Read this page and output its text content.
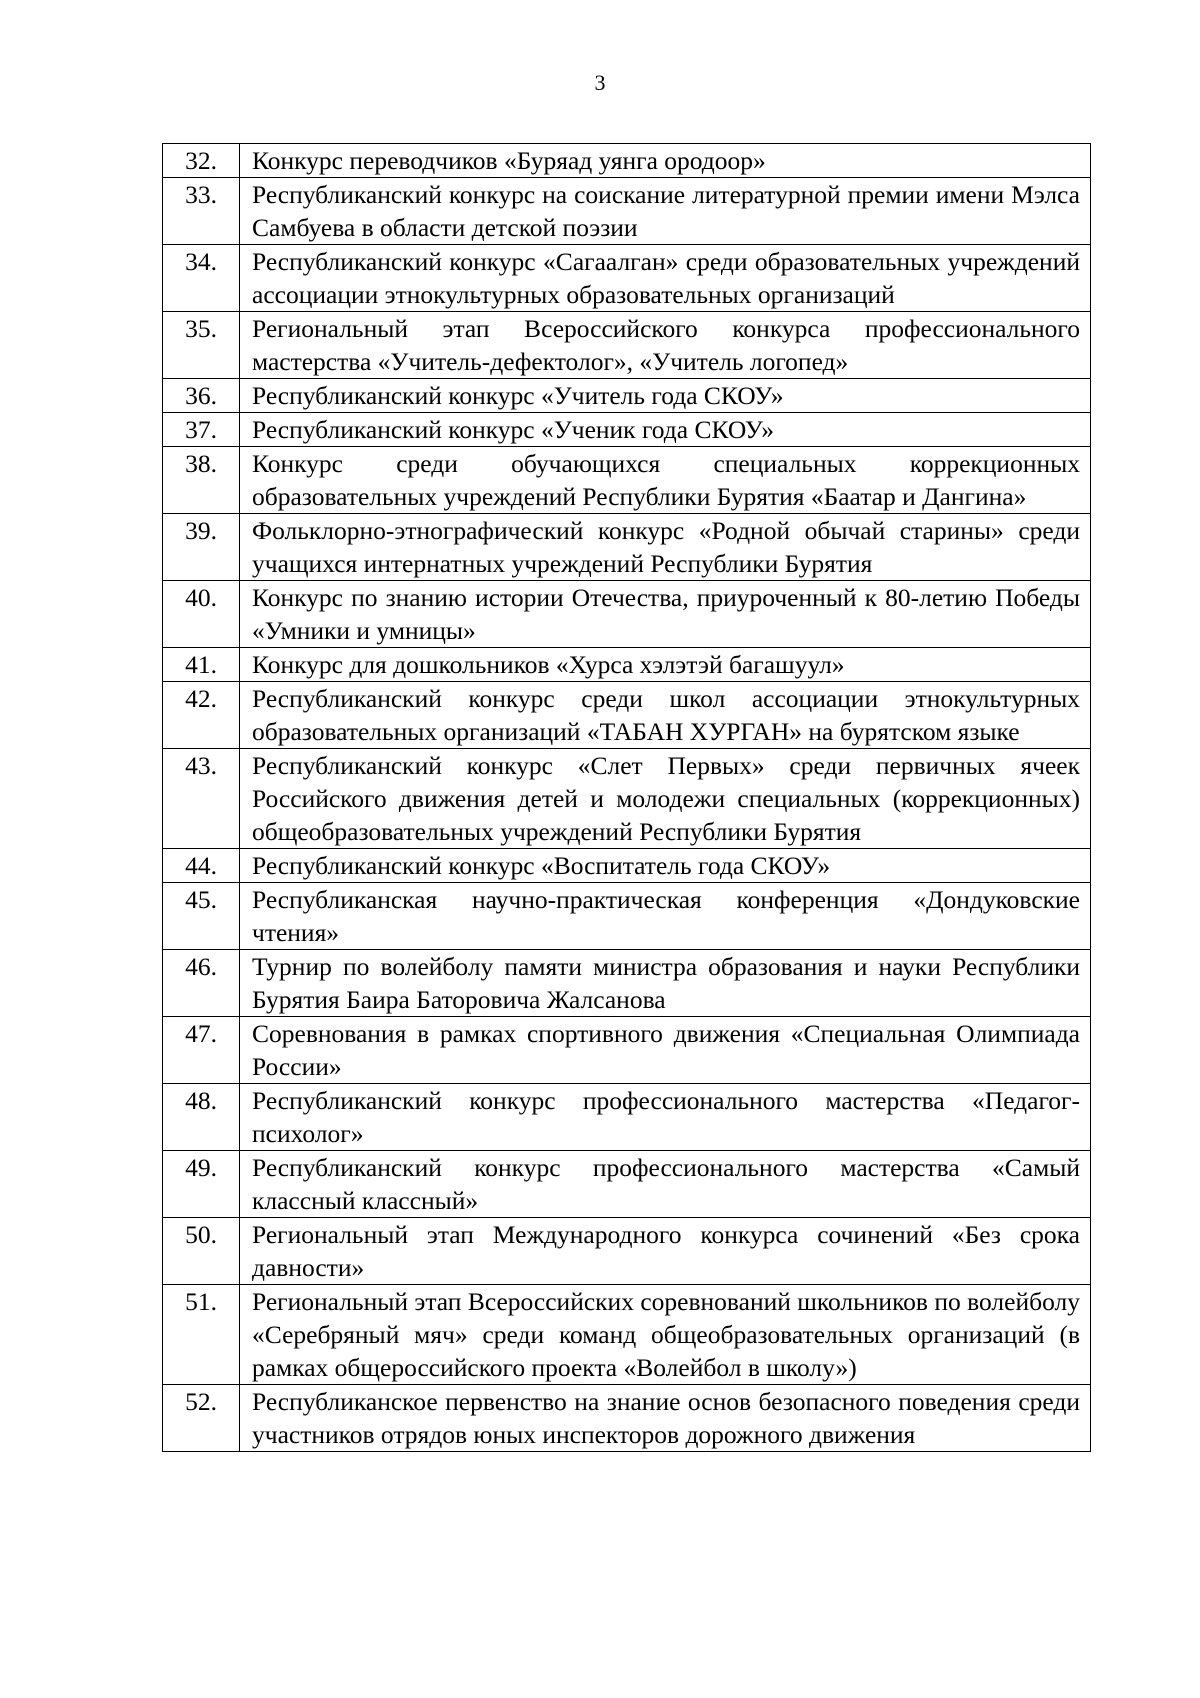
3
32.	Конкурс переводчиков «Буряад уянга ородоор»
33.	Республиканский конкурс на соискание литературной премии имени Мэлса Самбуева в области детской поэзии
34.	Республиканский конкурс «Сагаалган» среди образовательных учреждений ассоциации этнокультурных образовательных организаций
35.	Региональный этап Всероссийского конкурса профессионального мастерства «Учитель-дефектолог», «Учитель логопед»
36.	Республиканский конкурс «Учитель года СКОУ»
37.	Республиканский конкурс «Ученик года СКОУ»
38.	Конкурс среди обучающихся специальных коррекционных образовательных учреждений Республики Бурятия «Баатар и Дангина»
39.	Фольклорно-этнографический конкурс «Родной обычай старины» среди учащихся интернатных учреждений Республики Бурятия
40.	Конкурс по знанию истории Отечества, приуроченный к 80-летию Победы «Умники и умницы»
41.	Конкурс для дошкольников «Хурса хэлэтэй багашуул»
42.	Республиканский конкурс среди школ ассоциации этнокультурных образовательных организаций «ТАБАН ХУРГАН» на бурятском языке
43.	Республиканский конкурс «Слет Первых» среди первичных ячеек Российского движения детей и молодежи специальных (коррекционных) общеобразовательных учреждений Республики Бурятия
44.	Республиканский конкурс «Воспитатель года СКОУ»
45.	Республиканская научно-практическая конференция «Дондуковские чтения»
46.	Турнир по волейболу памяти министра образования и науки Республики Бурятия Баира Баторовича Жалсанова
47.	Соревнования в рамках спортивного движения «Специальная Олимпиада России»
48.	Республиканский конкурс профессионального мастерства «Педагог-психолог»
49.	Республиканский конкурс профессионального мастерства «Самый классный классный»
50.	Региональный этап Международного конкурса сочинений «Без срока давности»
51.	Региональный этап Всероссийских соревнований школьников по волейболу «Серебряный мяч» среди команд общеобразовательных организаций (в рамках общероссийского проекта «Волейбол в школу»)
52.	Республиканское первенство на знание основ безопасного поведения среди участников отрядов юных инспекторов дорожного движения
